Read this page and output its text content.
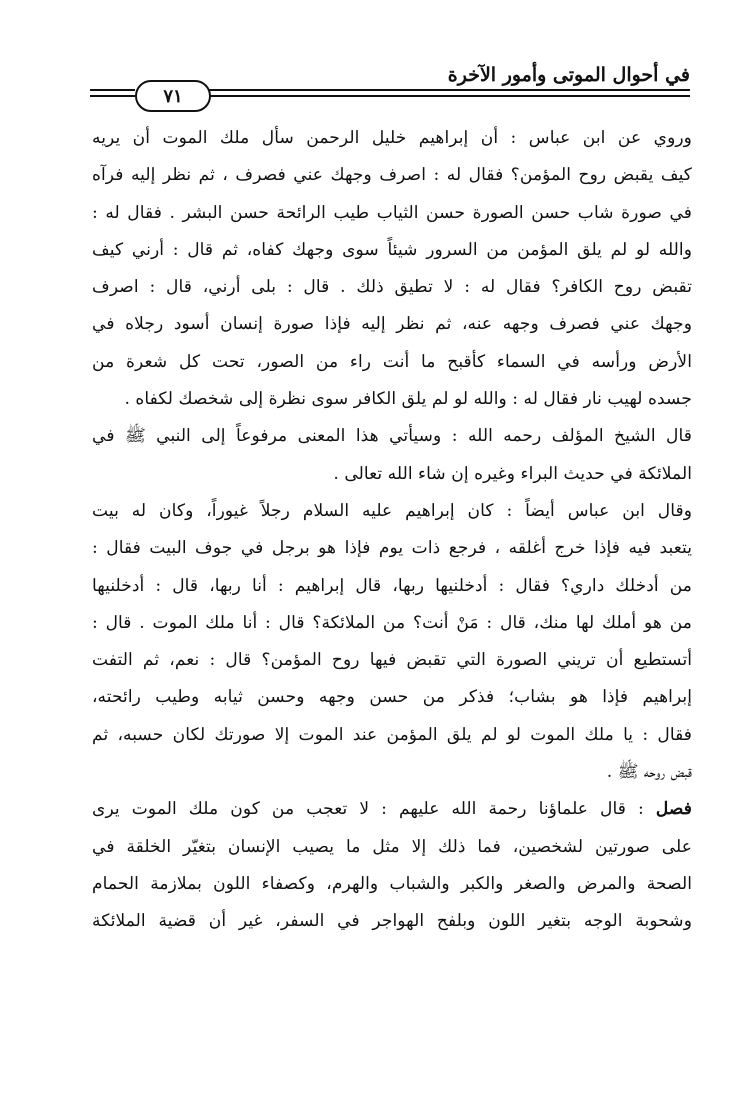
في أحوال الموتى وأمور الآخرة
٧١
وروي عن ابن عباس : أن إبراهيم خليل الرحمن سأل ملك الموت أن يريه
كيف يقبض روح المؤمن؟ فقال له : اصرف وجهك عني فصرف ، ثم نظر إليه فرآه
في صورة شاب حسن الصورة حسن الثياب طيب الرائحة حسن البشر . فقال له :
والله لو لم يلق المؤمن من السرور شيئاً سوى وجهك كفاه، ثم قال : أرني كيف
تقبض روح الكافر؟ فقال له : لا تطيق ذلك . قال : بلى أرني، قال : اصرف
وجهك عني فصرف وجهه عنه، ثم نظر إليه فإذا صورة إنسان أسود رجلاه في
الأرض ورأسه في السماء كأقبح ما أنت راء من الصور، تحت كل شعرة من
جسده لهيب نار فقال له : والله لو لم يلق الكافر سوى نظرة إلى شخصك لكفاه .
قال الشيخ المؤلف رحمه الله : وسيأتي هذا المعنى مرفوعاً إلى النبي ﷺ في
الملائكة في حديث البراء وغيره إن شاء الله تعالى .
وقال ابن عباس أيضاً : كان إبراهيم عليه السلام رجلاً غيوراً، وكان له بيت
يتعبد فيه فإذا خرج أغلقه ، فرجع ذات يوم فإذا هو برجل في جوف البيت فقال :
من أدخلك داري؟ فقال : أدخلنيها ربها، قال إبراهيم : أنا ربها، قال : أدخلنيها
من هو أملك لها منك، قال : مَنْ أنت؟ من الملائكة؟ قال : أنا ملك الموت . قال :
أتستطيع أن تريني الصورة التي تقبض فيها روح المؤمن؟ قال : نعم، ثم التفت
إبراهيم فإذا هو بشاب؛ فذكر من حسن وجهه وحسن ثيابه وطيب رائحته،
فقال : يا ملك الموت لو لم يلق المؤمن عند الموت إلا صورتك لكان حسبه، ثم
قبض روحه ﷺ .
فصل : قال علماؤنا رحمة الله عليهم : لا تعجب من كون ملك الموت يرى
على صورتين لشخصين، فما ذلك إلا مثل ما يصيب الإنسان بتغيّر الخلقة في
الصحة والمرض والصغر والكبر والشباب والهرم، وكصفاء اللون بملازمة الحمام
وشحوبة الوجه بتغير اللون وبلفح الهواجر في السفر، غير أن قضية الملائكة
